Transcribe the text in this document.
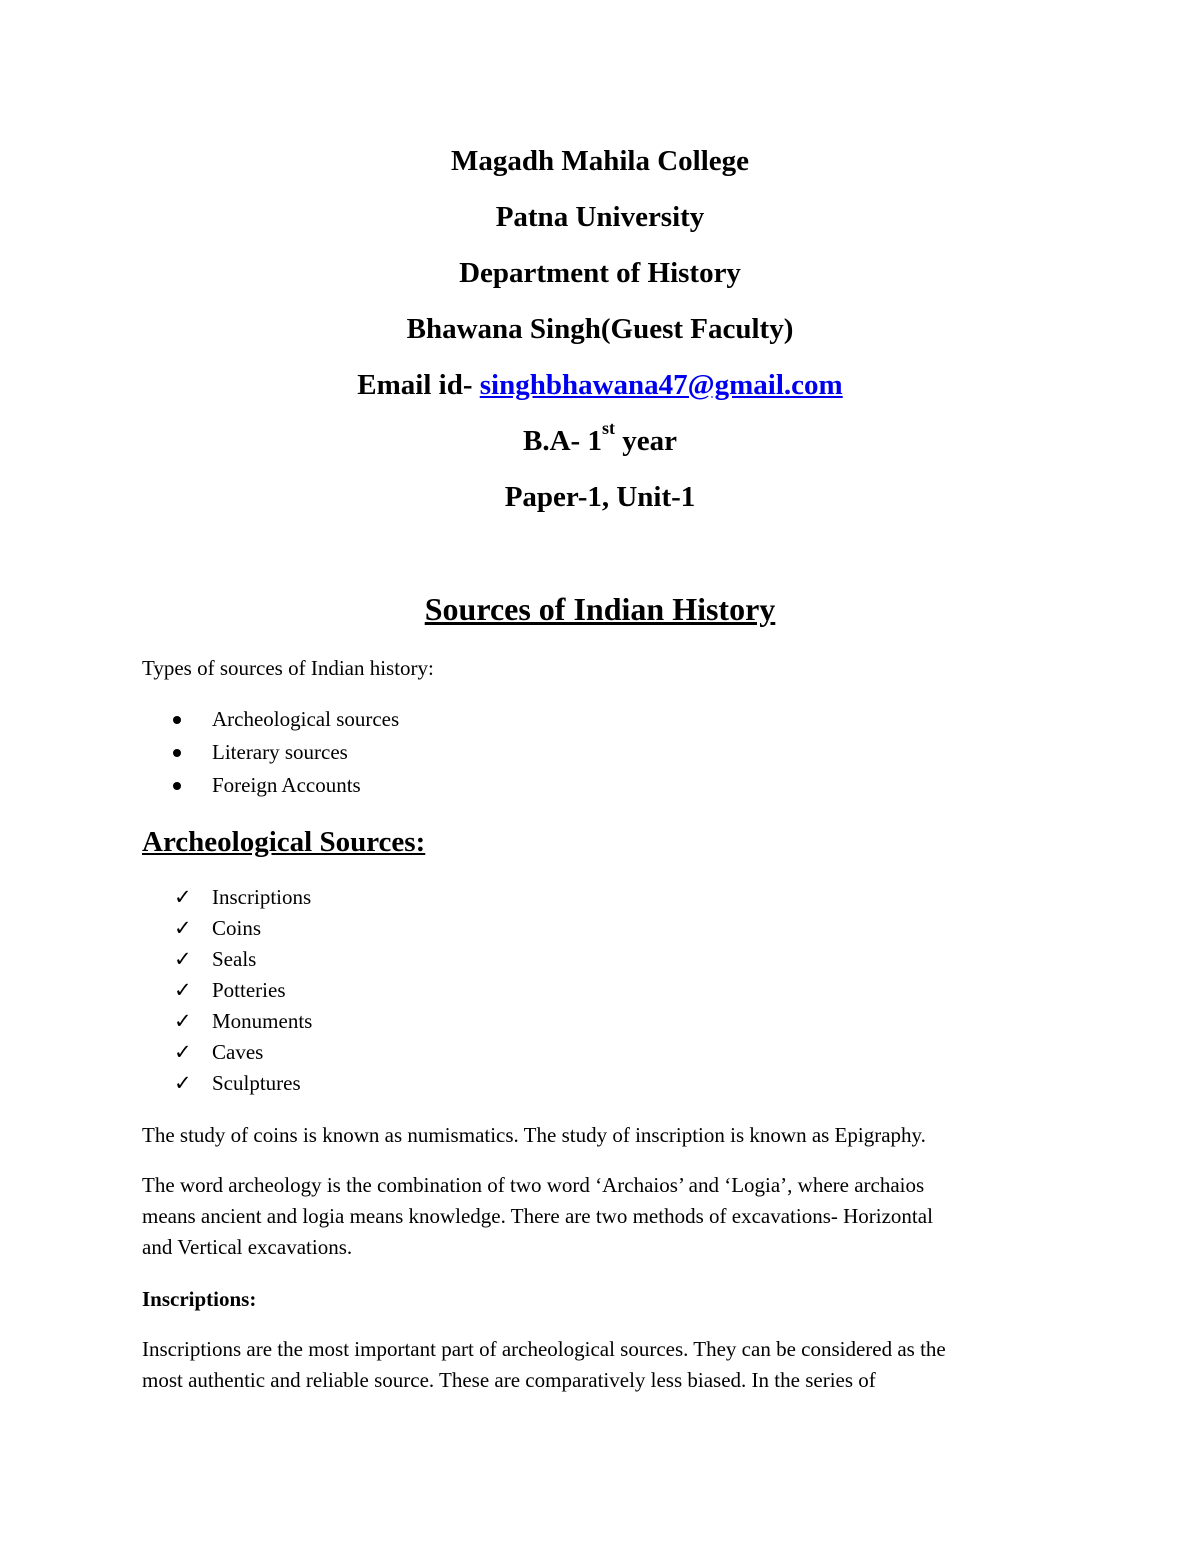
Magadh Mahila College
Patna University
Department of History
Bhawana Singh(Guest Faculty)
Email id- singhbhawana47@gmail.com
B.A- 1st year
Paper-1, Unit-1
Sources of Indian History
Types of sources of Indian history:
Archeological sources
Literary sources
Foreign Accounts
Archeological Sources:
✓ Inscriptions
✓ Coins
✓ Seals
✓ Potteries
✓ Monuments
✓ Caves
✓ Sculptures
The study of coins is known as numismatics. The study of inscription is known as Epigraphy.
The word archeology is the combination of two word ‘Archaios’ and ‘Logia’, where archaios
means ancient and logia means knowledge. There are two methods of excavations- Horizontal
and Vertical excavations.
Inscriptions:
Inscriptions are the most important part of archeological sources. They can be considered as the
most authentic and reliable source. These are comparatively less biased. In the series of
